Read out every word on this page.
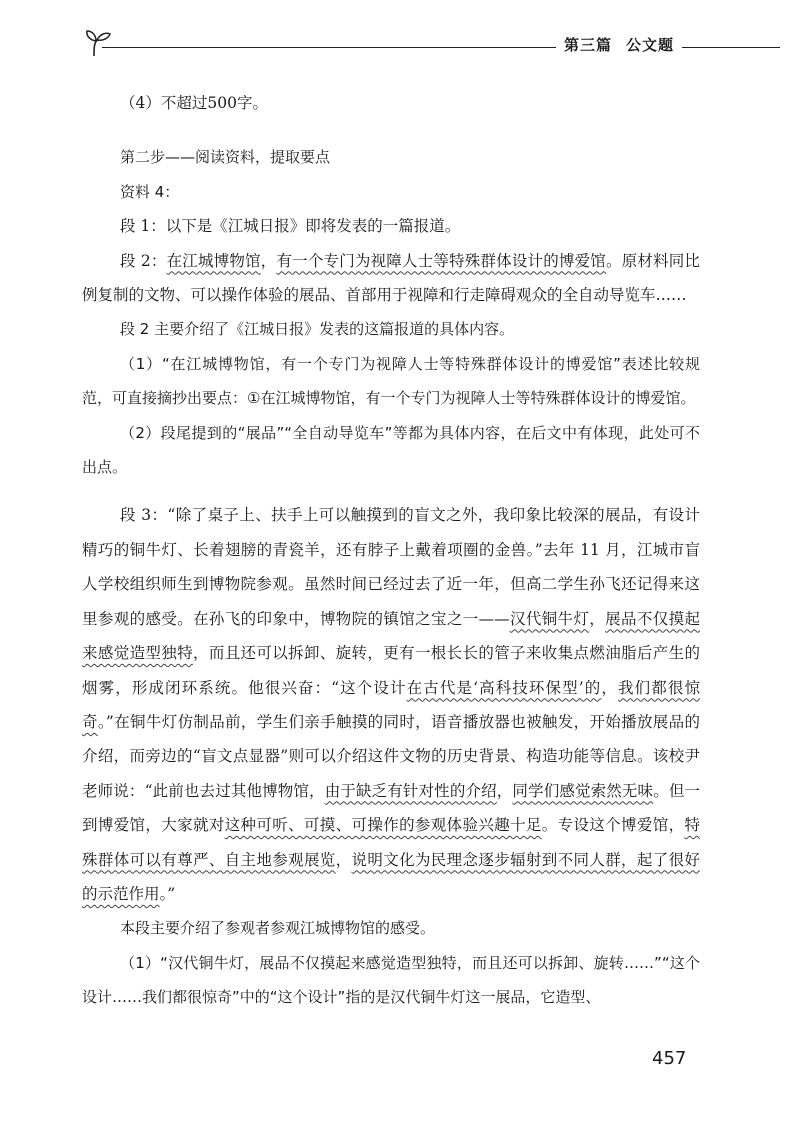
第三篇 公文题

（4）不超过500字。

第二步——阅读资料，提取要点

资料 4：

段 1：以下是《江城日报》即将发表的一篇报道。

段 2：在江城博物馆，有一个专门为视障人士等特殊群体设计的博爱馆。原材料同比例复制的文物、可以操作体验的展品、首部用于视障和行走障碍观众的全自动导览车……

段 2 主要介绍了《江城日报》发表的这篇报道的具体内容。

（1）“在江城博物馆，有一个专门为视障人士等特殊群体设计的博爱馆”表述比较规范，可直接摘抄出要点：①在江城博物馆，有一个专门为视障人士等特殊群体设计的博爱馆。

（2）段尾提到的“展品”“全自动导览车”等都为具体内容，在后文中有体现，此处可不出点。

段 3：“除了桌子上、扶手上可以触摸到的盲文之外，我印象比较深的展品，有设计精巧的铜牛灯、长着翅膀的青瓷羊，还有脖子上戴着项圈的金兽。”去年 11 月，江城市盲人学校组织师生到博物院参观。虽然时间已经过去了近一年，但高二学生孙飞还记得来这里参观的感受。在孙飞的印象中，博物院的镇馆之宝之一——汉代铜牛灯，展品不仅摸起来感觉造型独特，而且还可以拆卸、旋转，更有一根长长的管子来收集点燃油脂后产生的烟雾，形成闭环系统。他很兴奋：“这个设计在古代是‘高科技环保型’的，我们都很惊奇。”在铜牛灯仿制品前，学生们亲手触摸的同时，语音播放器也被触发，开始播放展品的介绍，而旁边的“盲文点显器”则可以介绍这件文物的历史背景、构造功能等信息。该校尹老师说：“此前也去过其他博物馆，由于缺乏有针对性的介绍，同学们感觉索然无味。但一到博爱馆，大家就对这种可听、可摸、可操作的参观体验兴趣十足。专设这个博爱馆，特殊群体可以有尊严、自主地参观展览，说明文化为民理念逐步辐射到不同人群，起了很好的示范作用。”

本段主要介绍了参观者参观江城博物馆的感受。

（1）“汉代铜牛灯，展品不仅摸起来感觉造型独特，而且还可以拆卸、旋转……”“这个设计……我们都很惊奇”中的“这个设计”指的是汉代铜牛灯这一展品，它造型、

457
